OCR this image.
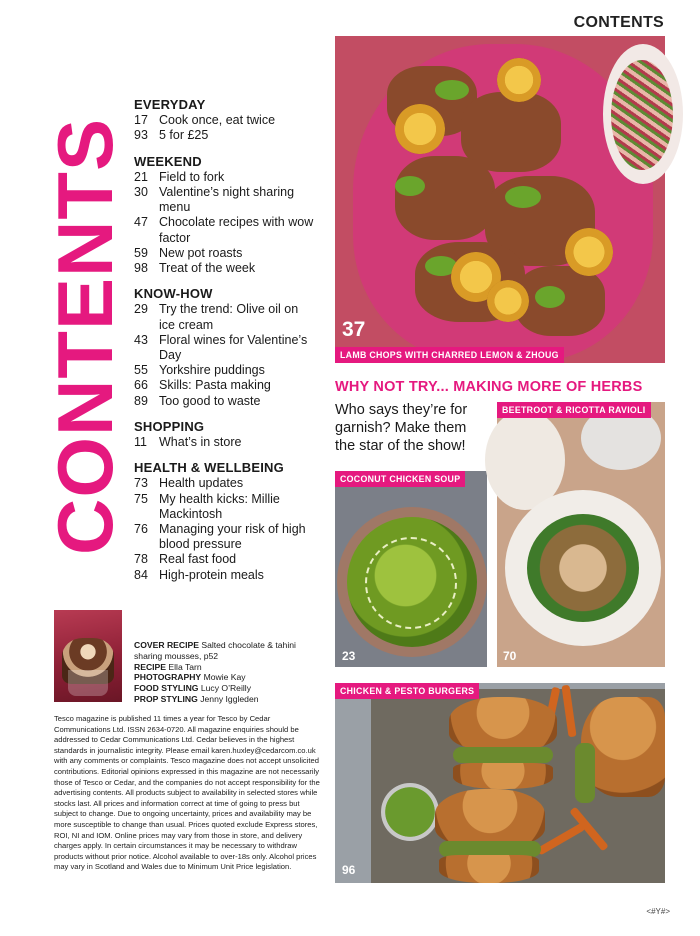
CONTENTS
CONTENTS
EVERYDAY
17 Cook once, eat twice
93 5 for £25
WEEKEND
21 Field to fork
30 Valentine’s night sharing menu
47 Chocolate recipes with wow factor
59 New pot roasts
98 Treat of the week
KNOW-HOW
29 Try the trend: Olive oil on ice cream
43 Floral wines for Valentine’s Day
55 Yorkshire puddings
66 Skills: Pasta making
89 Too good to waste
SHOPPING
11 What’s in store
HEALTH & WELLBEING
73 Health updates
75 My health kicks: Millie Mackintosh
76 Managing your risk of high blood pressure
78 Real fast food
84 High-protein meals
COVER RECIPE Salted chocolate & tahini sharing mousses, p52
RECIPE Ella Tarn
PHOTOGRAPHY Mowie Kay
FOOD STYLING Lucy O’Reilly
PROP STYLING Jenny Iggleden
Tesco magazine is published 11 times a year for Tesco by Cedar Communications Ltd. ISSN 2634-0720. All magazine enquiries should be addressed to Cedar Communications Ltd. Cedar believes in the highest standards in journalistic integrity. Please email karen.huxley@cedarcom.co.uk with any comments or complaints. Tesco magazine does not accept unsolicited contributions. Editorial opinions expressed in this magazine are not necessarily those of Tesco or Cedar, and the companies do not accept responsibility for the advertising contents. All products subject to availability in selected stores while stocks last. All prices and information correct at time of going to press but subject to change. Due to ongoing uncertainty, prices and availability may be more susceptible to change than usual. Prices quoted exclude Express stores, ROI, NI and IOM. Online prices may vary from those in store, and delivery charges apply. In certain circumstances it may be necessary to withdraw products without prior notice. Alcohol available to over-18s only. Alcohol prices may vary in Scotland and Wales due to Minimum Unit Price legislation.
37
LAMB CHOPS WITH CHARRED LEMON & ZHOUG
WHY NOT TRY... MAKING MORE OF HERBS
Who says they’re for garnish? Make them the star of the show!
COCONUT CHICKEN SOUP
23
BEETROOT & RICOTTA RAVIOLI
70
CHICKEN & PESTO BURGERS
96
<#Y#>
